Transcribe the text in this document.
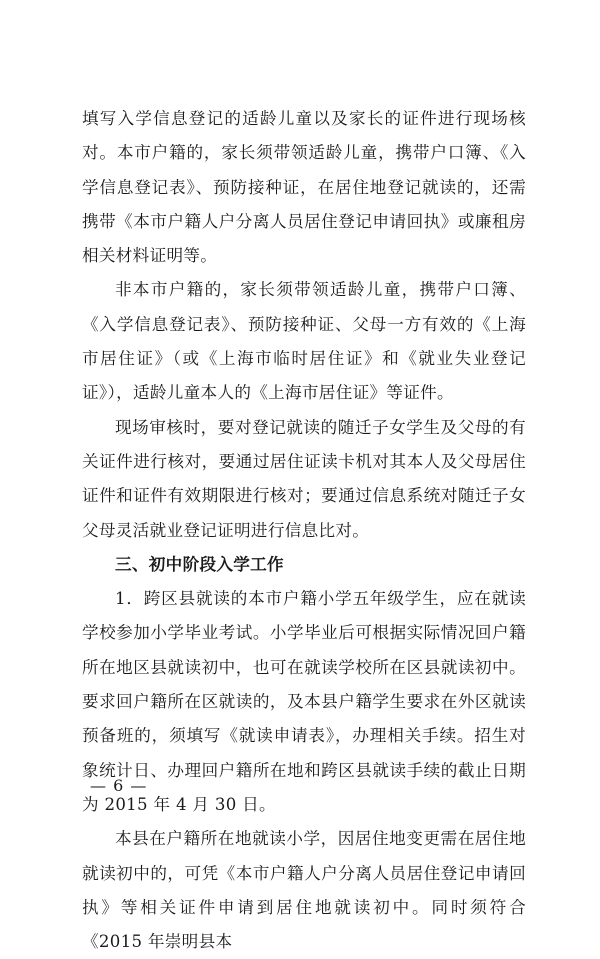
填写入学信息登记的适龄儿童以及家长的证件进行现场核对。本市户籍的，家长须带领适龄儿童，携带户口簿、《入学信息登记表》、预防接种证，在居住地登记就读的，还需携带《本市户籍人户分离人员居住登记申请回执》或廉租房相关材料证明等。

非本市户籍的，家长须带领适龄儿童，携带户口簿、《入学信息登记表》、预防接种证、父母一方有效的《上海市居住证》（或《上海市临时居住证》和《就业失业登记证》），适龄儿童本人的《上海市居住证》等证件。

现场审核时，要对登记就读的随迁子女学生及父母的有关证件进行核对，要通过居住证读卡机对其本人及父母居住证件和证件有效期限进行核对；要通过信息系统对随迁子女父母灵活就业登记证明进行信息比对。

三、初中阶段入学工作

1．跨区县就读的本市户籍小学五年级学生，应在就读学校参加小学毕业考试。小学毕业后可根据实际情况回户籍所在地区县就读初中，也可在就读学校所在区县就读初中。要求回户籍所在区就读的，及本县户籍学生要求在外区就读预备班的，须填写《就读申请表》，办理相关手续。招生对象统计日、办理回户籍所在地和跨区县就读手续的截止日期为 2015 年 4 月 30 日。

本县在户籍所在地就读小学，因居住地变更需在居住地就读初中的，可凭《本市户籍人户分离人员居住登记申请回执》等相关证件申请到居住地就读初中。同时须符合《2015 年崇明县本

— 6 —
